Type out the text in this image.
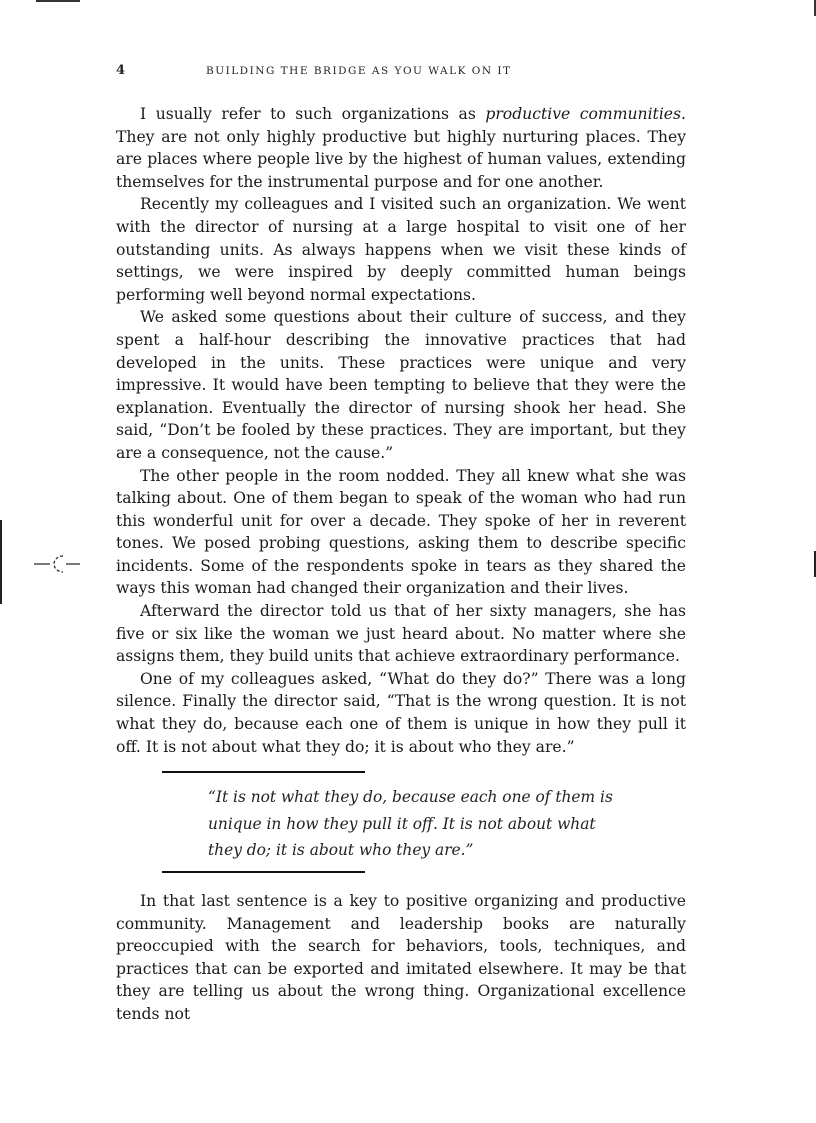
4	BUILDING THE BRIDGE AS YOU WALK ON IT

I usually refer to such organizations as productive communities. They are not only highly productive but highly nurturing places. They are places where people live by the highest of human values, extending themselves for the instrumental purpose and for one another.

Recently my colleagues and I visited such an organization. We went with the director of nursing at a large hospital to visit one of her outstanding units. As always happens when we visit these kinds of settings, we were inspired by deeply committed human beings performing well beyond normal expectations.

We asked some questions about their culture of success, and they spent a half-hour describing the innovative practices that had developed in the units. These practices were unique and very impressive. It would have been tempting to believe that they were the explanation. Eventually the director of nursing shook her head. She said, “Don’t be fooled by these practices. They are important, but they are a consequence, not the cause.”

The other people in the room nodded. They all knew what she was talking about. One of them began to speak of the woman who had run this wonderful unit for over a decade. They spoke of her in reverent tones. We posed probing questions, asking them to describe specific incidents. Some of the respondents spoke in tears as they shared the ways this woman had changed their organization and their lives.

Afterward the director told us that of her sixty managers, she has five or six like the woman we just heard about. No matter where she assigns them, they build units that achieve extraordinary performance.

One of my colleagues asked, “What do they do?” There was a long silence. Finally the director said, “That is the wrong question. It is not what they do, because each one of them is unique in how they pull it off. It is not about what they do; it is about who they are.”

“It is not what they do, because each one of them is
unique in how they pull it off. It is not about what
they do; it is about who they are.”

In that last sentence is a key to positive organizing and productive community. Management and leadership books are naturally preoccupied with the search for behaviors, tools, techniques, and practices that can be exported and imitated elsewhere. It may be that they are telling us about the wrong thing. Organizational excellence tends not
